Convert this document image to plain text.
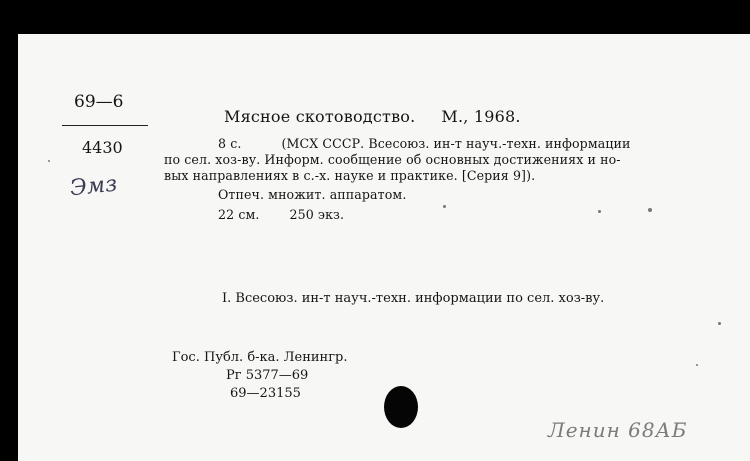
69—6
4430
Эмз
Мясное скотоводство. М., 1968.
8 с.	(МСХ СССР. Всесоюз. ин-т науч.-техн. информации
по сел. хоз-ву. Информ. сообщение об основных достижениях и но-
вых направлениях в с.-х. науке и практике. [Серия 9]).
Отпеч. множит. аппаратом.
22 см. 250 экз.
I. Всесоюз. ин-т науч.-техн. информации по сел. хоз-ву.
Гос. Публ. б-ка. Ленингр.
Рг 5377—69
69—23155
Ленин 68АБ
